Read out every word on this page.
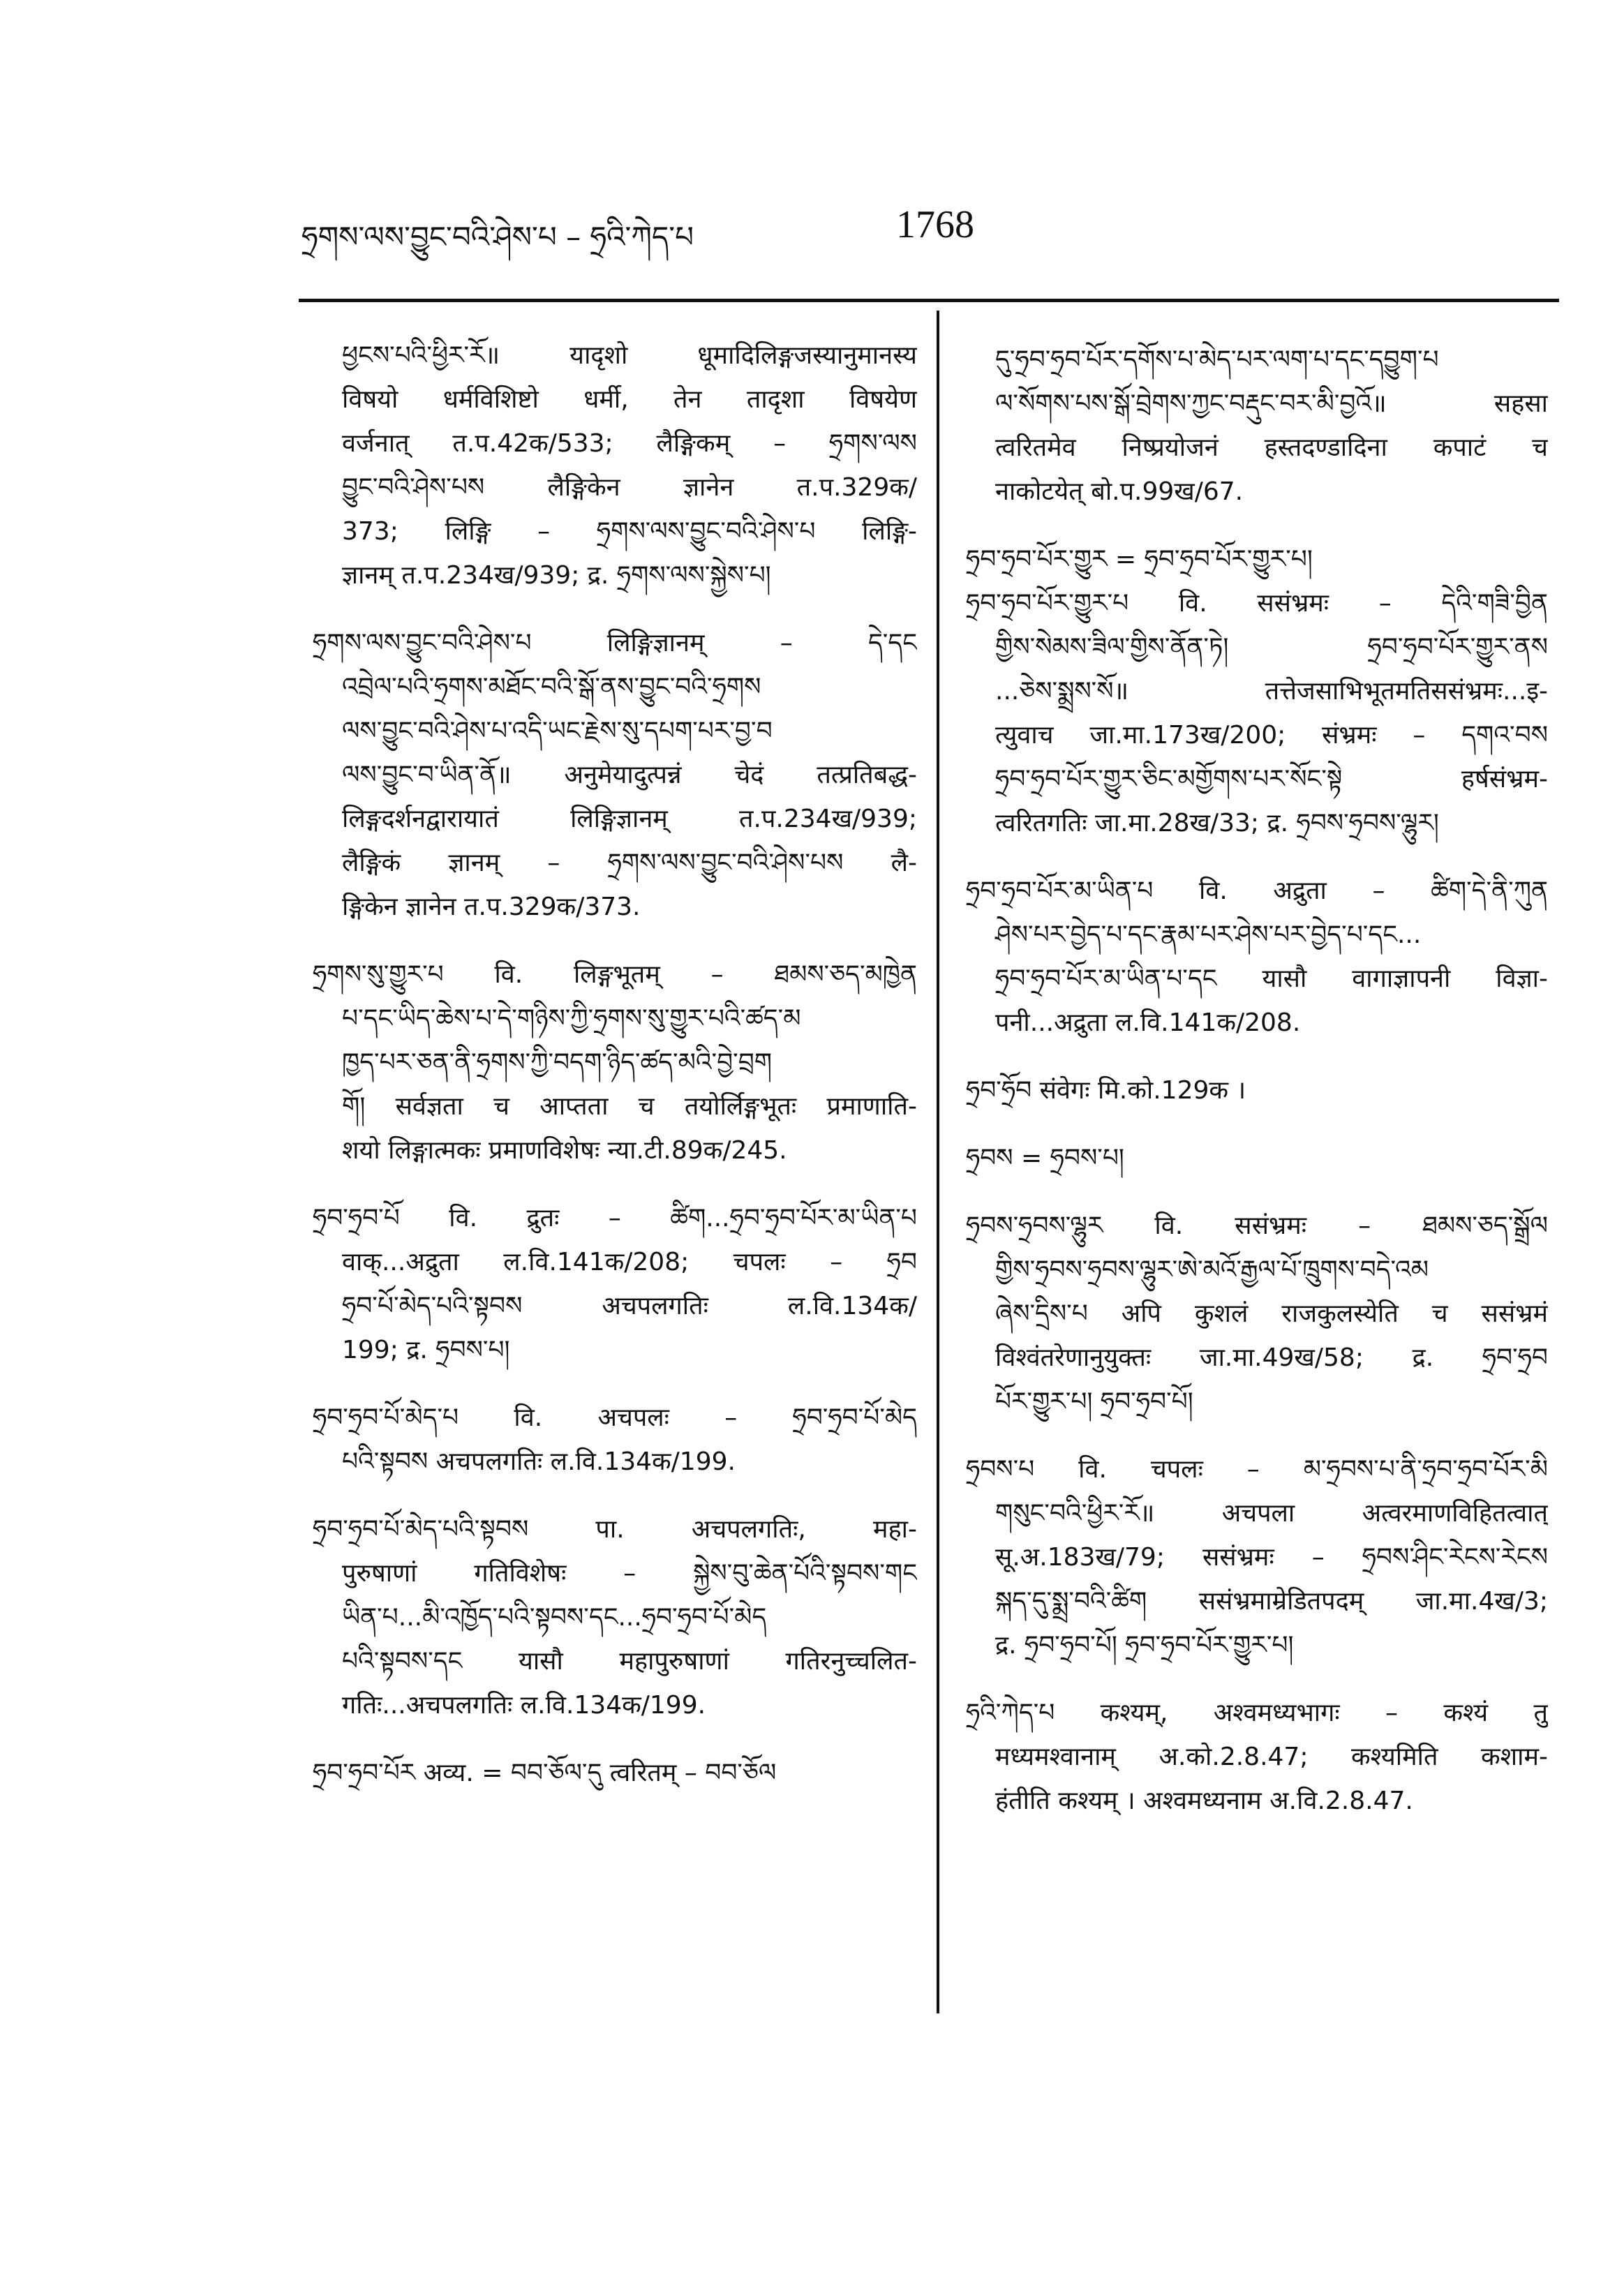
ཧྲགས་ལས་བྱུང་བའི་ཤེས་པ – ཧྲའི་ཀེད་པ	1768
ཕྱངས་པའི་ཕྱིར་རོ॥ यादृशो धूमादिलिङ्गजस्यानुमानस्य
विषयो धर्मविशिष्टो धर्मी, तेन तादृशा विषयेण
वर्जनात् त.प.42क/533; लैङ्गिकम् – ཧྲགས་ལས
བྱུང་བའི་ཤེས་པས लैङ्गिकेन ज्ञानेन त.प.329क/
373; लिङ्गि – ཧྲགས་ལས་བྱུང་བའི་ཤེས་པ लिङ्गि-
ज्ञानम् त.प.234ख/939; द्र. ཧྲགས་ལས་སྐྱེས་པ།
ཧྲགས་ལས་བྱུང་བའི་ཤེས་པ लिङ्गिज्ञानम् – དེ་དང
འབྲེལ་པའི་ཧྲགས་མཐོང་བའི་སྒོ་ནས་བྱུང་བའི་ཧྲགས
ལས་བྱུང་བའི་ཤེས་པ་འདི་ཡང་རྗེས་སུ་དཔག་པར་བྱ་བ
ལས་བྱུང་བ་ཡིན་ནོ॥ अनुमेयादुत्पन्नं चेदं तत्प्रतिबद्ध-
लिङ्गदर्शनद्वारायातं लिङ्गिज्ञानम् त.प.234ख/939;
लैङ्गिकं ज्ञानम् – ཧྲགས་ལས་བྱུང་བའི་ཤེས་པས लै-
ङ्गिकेन ज्ञानेन त.प.329क/373.
ཧྲགས་སུ་གྱུར་པ वि. लिङ्गभूतम् – ཐམས་ཅད་མཁྱེན
པ་དང་ཡིད་ཆེས་པ་དེ་གཉིས་ཀྱི་ཧྲགས་སུ་གྱུར་པའི་ཚད་མ
ཁྱད་པར་ཅན་ནི་ཧྲགས་ཀྱི་བདག་ཉིད་ཚད་མའི་བྱེ་བྲག
གོ། सर्वज्ञता च आप्तता च तयोर्लिङ्गभूतः प्रमाणाति-
शयो लिङ्गात्मकः प्रमाणविशेषः न्या.टी.89क/245.
ཧྲབ་ཧྲབ་པོ वि. द्रुतः – ཚིག...ཧྲབ་ཧྲབ་པོར་མ་ཡིན་པ
वाक्...अद्रुता ल.वि.141क/208; चपलः – ཧྲབ
ཧྲབ་པོ་མེད་པའི་སྟབས अचपलगतिः ल.वि.134क/
199; द्र. ཧྲབས་པ།
ཧྲབ་ཧྲབ་པོ་མེད་པ वि. अचपलः – ཧྲབ་ཧྲབ་པོ་མེད
པའི་སྟབས अचपलगतिः ल.वि.134क/199.
ཧྲབ་ཧྲབ་པོ་མེད་པའི་སྟབས पा. अचपलगतिः, महा-
पुरुषाणां गतिविशेषः – སྐྱེས་བུ་ཆེན་པོའི་སྟབས་གང
ཡིན་པ...མི་འཁྱོད་པའི་སྟབས་དང...ཧྲབ་ཧྲབ་པོ་མེད
པའི་སྟབས་དང यासौ महापुरुषाणां गतिरनुच्चलित-
गतिः...अचपलगतिः ल.वि.134क/199.
ཧྲབ་ཧྲབ་པོར अव्य. = བབ་ཅོལ་དུ त्वरितम् – བབ་ཅོལ
དུ་ཧྲབ་ཧྲབ་པོར་དགོས་པ་མེད་པར་ལག་པ་དང་དབྱུག་པ
ལ་སོགས་པས་སྒོ་བྲེགས་ཀྱང་བརྡུང་བར་མི་བྱའོ॥ सहसा
त्वरितमेव निष्प्रयोजनं हस्तदण्डादिना कपाटं च
नाकोटयेत् बो.प.99ख/67.
ཧྲབ་ཧྲབ་པོར་གྱུར = ཧྲབ་ཧྲབ་པོར་གྱུར་པ།
ཧྲབ་ཧྲབ་པོར་གྱུར་པ वि. ससंभ्रमः – དེའི་གཟི་བྱིན
གྱིས་སེམས་ཟིལ་གྱིས་ནོན་ཏེ། ཧྲབ་ཧྲབ་པོར་གྱུར་ནས
...ཅེས་སྨྲས་སོ॥ तत्तेजसाभिभूतमतिससंभ्रमः...इ-
त्युवाच जा.मा.173ख/200; संभ्रमः – དགའ་བས
ཧྲབ་ཧྲབ་པོར་གྱུར་ཅིང་མགྱོགས་པར་སོང་སྟེ हर्षसंभ्रम-
त्वरितगतिः जा.मा.28ख/33; द्र. ཧྲབས་ཧྲབས་ལྷུར།
ཧྲབ་ཧྲབ་པོར་མ་ཡིན་པ वि. अद्रुता – ཚིག་དེ་ནི་ཀུན
ཤེས་པར་བྱེད་པ་དང་རྣམ་པར་ཤེས་པར་བྱེད་པ་དང...
ཧྲབ་ཧྲབ་པོར་མ་ཡིན་པ་དང यासौ वागाज्ञापनी विज्ञा-
पनी...अद्रुता ल.वि.141क/208.
ཧྲབ་ཧྲོབ संवेगः मि.को.129क ।
ཧྲབས = ཧྲབས་པ།
ཧྲབས་ཧྲབས་ལྷུར वि. ससंभ्रमः – ཐམས་ཅད་སྒྲོལ
གྱིས་ཧྲབས་ཧྲབས་ལྷུར་ཨེ་མའོ་རྒྱལ་པོ་ཁྲུགས་བདེ་འམ
ཞེས་དྲིས་པ अपि कुशलं राजकुलस्येति च ससंभ्रमं
विश्वंतरेणानुयुक्तः जा.मा.49ख/58; द्र. ཧྲབ་ཧྲབ
པོར་གྱུར་པ། ཧྲབ་ཧྲབ་པོ།
ཧྲབས་པ वि. चपलः – མ་ཧྲབས་པ་ནི་ཧྲབ་ཧྲབ་པོར་མི
གསུང་བའི་ཕྱིར་རོ॥ अचपला अत्वरमाणविहितत्वात्
सू.अ.183ख/79; ससंभ्रमः – ཧྲབས་ཤིང་རེངས་རེངས
སྐད་དུ་སྨྲ་བའི་ཚིག ससंभ्रमाम्रेडितपदम् जा.मा.4ख/3;
द्र. ཧྲབ་ཧྲབ་པོ། ཧྲབ་ཧྲབ་པོར་གྱུར་པ།
ཧྲའི་ཀེད་པ कश्यम्, अश्वमध्यभागः – कश्यं तु
मध्यमश्वानाम् अ.को.2.8.47; कश्यमिति कशाम-
हंतीति कश्यम् । अश्वमध्यनाम अ.वि.2.8.47.
